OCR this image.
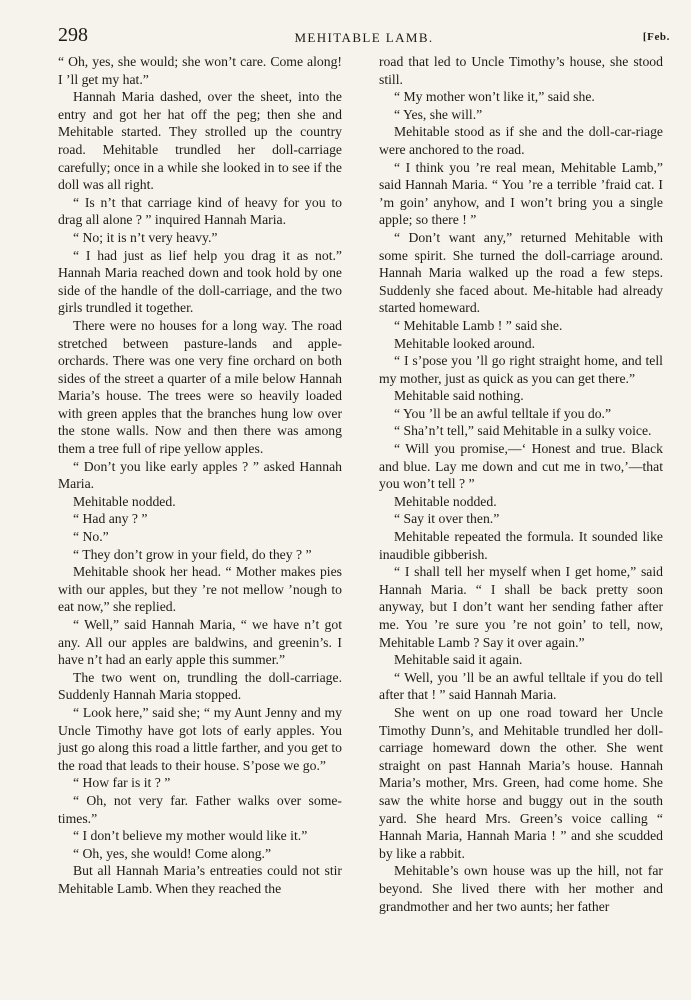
298	MEHITABLE LAMB.	[Feb.

“ Oh, yes, she would; she won’t care. Come along! I ’ll get my hat.”

Hannah Maria dashed, over the sheet, into the entry and got her hat off the peg; then she and Mehitable started. They strolled up the country road. Mehitable trundled her doll-carriage carefully; once in a while she looked in to see if the doll was all right.

“ Is n’t that carriage kind of heavy for you to drag all alone ? ” inquired Hannah Maria.

“ No; it is n’t very heavy.”

“ I had just as lief help you drag it as not.” Hannah Maria reached down and took hold by one side of the handle of the doll-carriage, and the two girls trundled it together.

There were no houses for a long way. The road stretched between pasture-lands and apple-orchards. There was one very fine orchard on both sides of the street a quarter of a mile below Hannah Maria’s house. The trees were so heavily loaded with green apples that the branches hung low over the stone walls. Now and then there was among them a tree full of ripe yellow apples.

“ Don’t you like early apples ? ” asked Hannah Maria.

Mehitable nodded.

“ Had any ? ”

“ No.”

“ They don’t grow in your field, do they ? ”

Mehitable shook her head. “ Mother makes pies with our apples, but they ’re not mellow ’nough to eat now,” she replied.

“ Well,” said Hannah Maria, “ we have n’t got any. All our apples are baldwins, and greenin’s. I have n’t had an early apple this summer.”

The two went on, trundling the doll-carriage. Suddenly Hannah Maria stopped.

“ Look here,” said she; “ my Aunt Jenny and my Uncle Timothy have got lots of early apples. You just go along this road a little farther, and you get to the road that leads to their house. S’pose we go.”

“ How far is it ? ”

“ Oh, not very far. Father walks over some-times.”

“ I don’t believe my mother would like it.”

“ Oh, yes, she would! Come along.”

But all Hannah Maria’s entreaties could not stir Mehitable Lamb. When they reached the

road that led to Uncle Timothy’s house, she stood still.

“ My mother won’t like it,” said she.

“ Yes, she will.”

Mehitable stood as if she and the doll-car-riage were anchored to the road.

“ I think you ’re real mean, Mehitable Lamb,” said Hannah Maria. “ You ’re a terrible ’fraid cat. I ’m goin’ anyhow, and I won’t bring you a single apple; so there ! ”

“ Don’t want any,” returned Mehitable with some spirit. She turned the doll-carriage around. Hannah Maria walked up the road a few steps. Suddenly she faced about. Me-hitable had already started homeward.

“ Mehitable Lamb ! ” said she.

Mehitable looked around.

“ I s’pose you ’ll go right straight home, and tell my mother, just as quick as you can get there.”

Mehitable said nothing.

“ You ’ll be an awful telltale if you do.”

“ Sha’n’t tell,” said Mehitable in a sulky voice.

“ Will you promise,—‘ Honest and true. Black and blue. Lay me down and cut me in two,’—that you won’t tell ? ”

Mehitable nodded.

“ Say it over then.”

Mehitable repeated the formula. It sounded like inaudible gibberish.

“ I shall tell her myself when I get home,” said Hannah Maria. “ I shall be back pretty soon anyway, but I don’t want her sending father after me. You ’re sure you ’re not goin’ to tell, now, Mehitable Lamb ? Say it over again.”

Mehitable said it again.

“ Well, you ’ll be an awful telltale if you do tell after that ! ” said Hannah Maria.

She went on up one road toward her Uncle Timothy Dunn’s, and Mehitable trundled her doll-carriage homeward down the other. She went straight on past Hannah Maria’s house. Hannah Maria’s mother, Mrs. Green, had come home. She saw the white horse and buggy out in the south yard. She heard Mrs. Green’s voice calling “ Hannah Maria, Hannah Maria ! ” and she scudded by like a rabbit.

Mehitable’s own house was up the hill, not far beyond. She lived there with her mother and grandmother and her two aunts; her father
